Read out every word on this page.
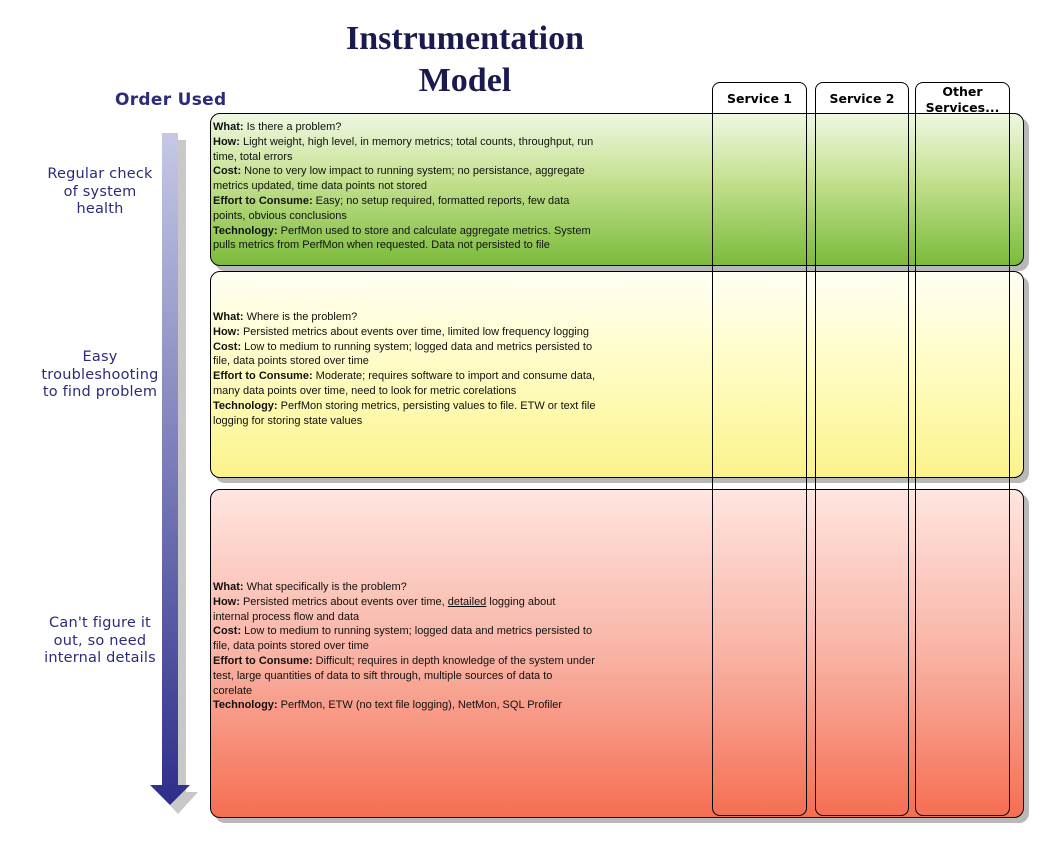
Instrumentation
Model
Order Used
Regular check
of system
health
Easy
troubleshooting
to find problem
Can't figure it
out, so need
internal details
What: Is there a problem?
How: Light weight, high level, in memory metrics; total counts, throughput, run
time, total errors
Cost: None to very low impact to running system; no persistance, aggregate
metrics updated, time data points not stored
Effort to Consume: Easy; no setup required, formatted reports, few data
points, obvious conclusions
Technology: PerfMon used to store and calculate aggregate metrics. System
pulls metrics from PerfMon when requested. Data not persisted to file
What: Where is the problem?
How: Persisted metrics about events over time, limited low frequency logging
Cost: Low to medium to running system; logged data and metrics persisted to
file, data points stored over time
Effort to Consume: Moderate; requires software to import and consume data,
many data points over time, need to look for metric corelations
Technology: PerfMon storing metrics, persisting values to file. ETW or text file
logging for storing state values
What: What specifically is the problem?
How: Persisted metrics about events over time, detailed logging about
internal process flow and data
Cost: Low to medium to running system; logged data and metrics persisted to
file, data points stored over time
Effort to Consume: Difficult; requires in depth knowledge of the system under
test, large quantities of data to sift through, multiple sources of data to
corelate
Technology: PerfMon, ETW (no text file logging), NetMon, SQL Profiler
Service 1	Service 2	Other
Services...
